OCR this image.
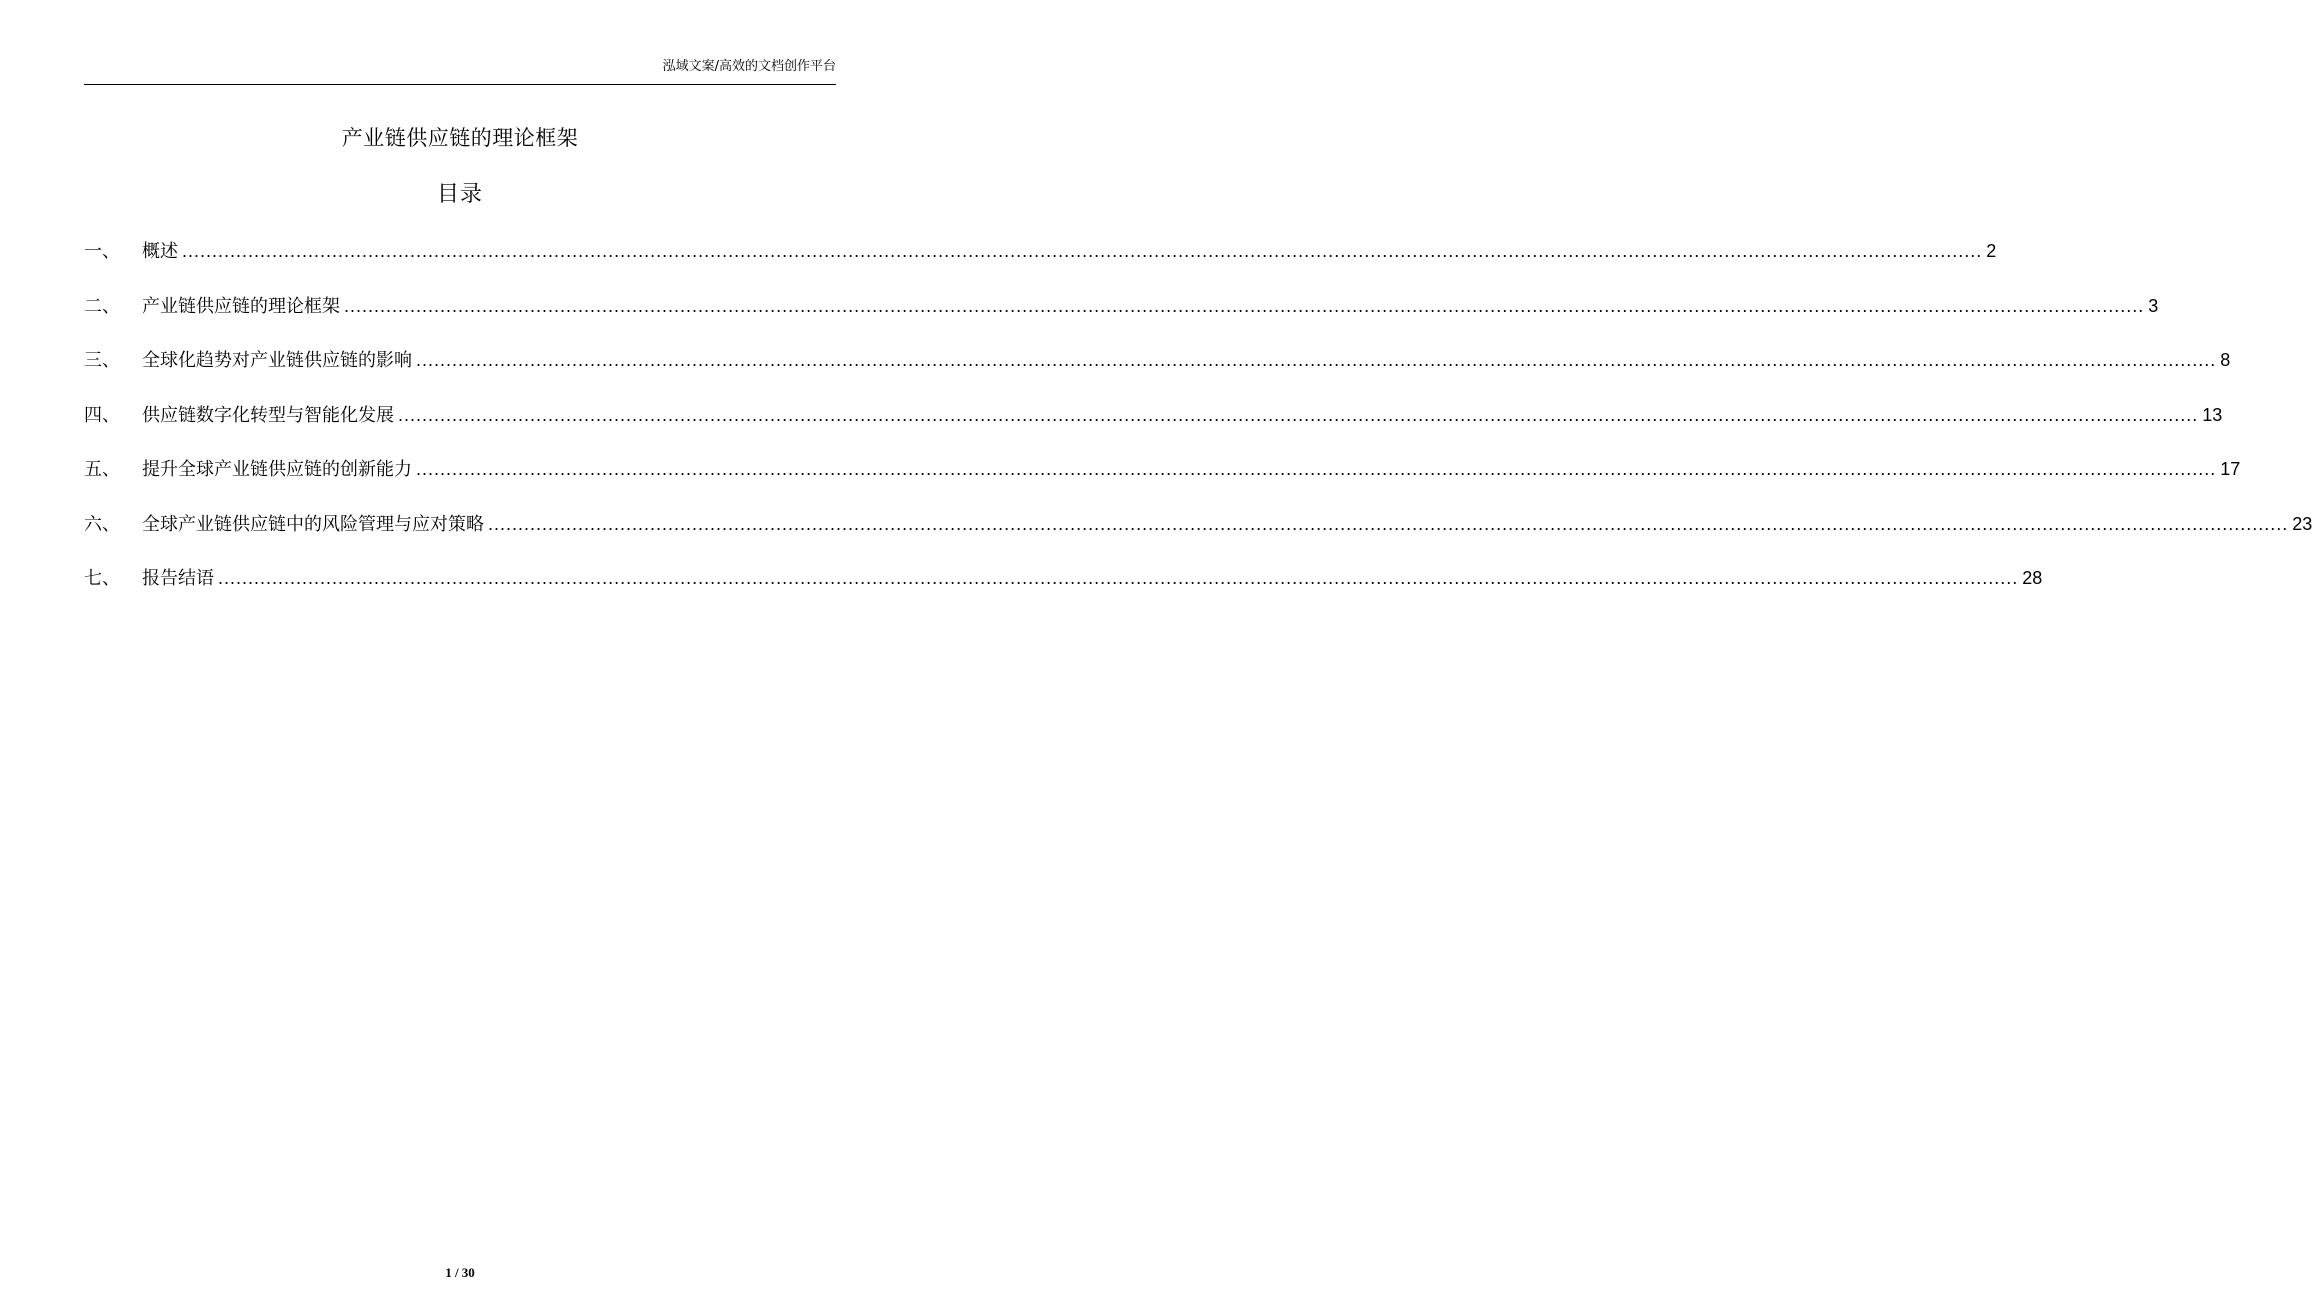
泓域文案/高效的文档创作平台
产业链供应链的理论框架
目录
一、	概述 ............................................................................................................................................................................................................................................................................................................ 2
二、	产业链供应链的理论框架 ............................................................................................................................................................................................................................................................................................................ 3
三、	全球化趋势对产业链供应链的影响 ............................................................................................................................................................................................................................................................................................................ 8
四、	供应链数字化转型与智能化发展 ............................................................................................................................................................................................................................................................................................................ 13
五、	提升全球产业链供应链的创新能力 ............................................................................................................................................................................................................................................................................................................ 17
六、	全球产业链供应链中的风险管理与应对策略 ............................................................................................................................................................................................................................................................................................................ 23
七、	报告结语 ............................................................................................................................................................................................................................................................................................................ 28
1 / 30
